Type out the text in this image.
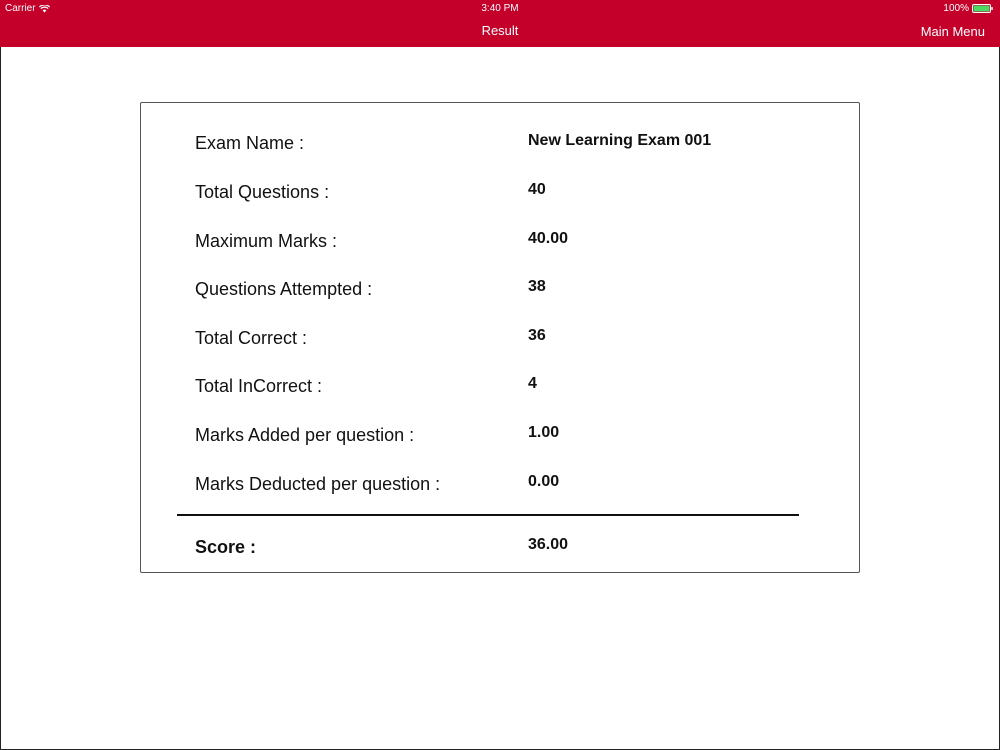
Carrier	3:40 PM	100%
Result	Main Menu
Exam Name :	New Learning Exam 001
Total Questions :	40
Maximum Marks :	40.00
Questions Attempted :	38
Total Correct :	36
Total InCorrect :	4
Marks Added per question :	1.00
Marks Deducted per question :	0.00
Score :	36.00
